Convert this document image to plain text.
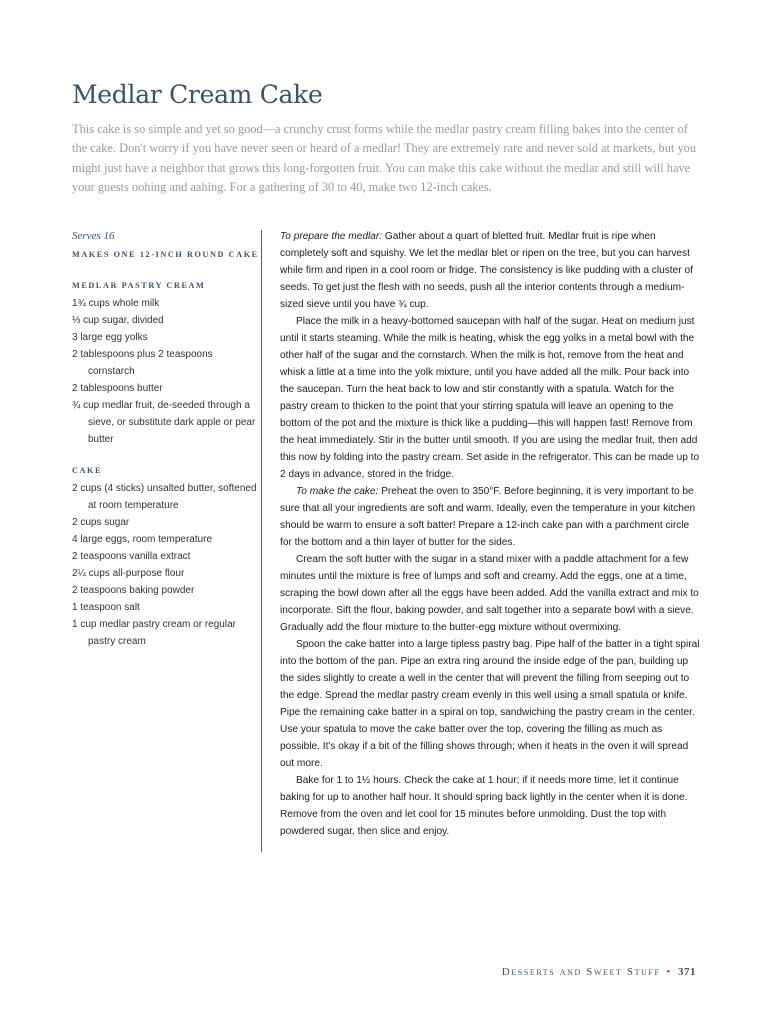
Medlar Cream Cake

This cake is so simple and yet so good—a crunchy crust forms while the medlar pastry cream filling bakes into the center of the cake. Don't worry if you have never seen or heard of a medlar! They are extremely rare and never sold at markets, but you might just have a neighbor that grows this long-forgotten fruit. You can make this cake without the medlar and still will have your guests oohing and aahing. For a gathering of 30 to 40, make two 12-inch cakes.

Serves 16

MAKES ONE 12-INCH ROUND CAKE

MEDLAR PASTRY CREAM

1¾ cups whole milk
⅓ cup sugar, divided
3 large egg yolks
2 tablespoons plus 2 teaspoons cornstarch
2 tablespoons butter
¾ cup medlar fruit, de-seeded through a sieve, or substitute dark apple or pear butter

CAKE

2 cups (4 sticks) unsalted butter, softened at room temperature
2 cups sugar
4 large eggs, room temperature
2 teaspoons vanilla extract
2¼ cups all-purpose flour
2 teaspoons baking powder
1 teaspoon salt
1 cup medlar pastry cream or regular pastry cream

To prepare the medlar: Gather about a quart of bletted fruit. Medlar fruit is ripe when completely soft and squishy. We let the medlar blet or ripen on the tree, but you can harvest while firm and ripen in a cool room or fridge. The consistency is like pudding with a cluster of seeds. To get just the flesh with no seeds, push all the interior contents through a medium-sized sieve until you have ¾ cup.

Place the milk in a heavy-bottomed saucepan with half of the sugar. Heat on medium just until it starts steaming. While the milk is heating, whisk the egg yolks in a metal bowl with the other half of the sugar and the cornstarch. When the milk is hot, remove from the heat and whisk a little at a time into the yolk mixture, until you have added all the milk. Pour back into the saucepan. Turn the heat back to low and stir constantly with a spatula. Watch for the pastry cream to thicken to the point that your stirring spatula will leave an opening to the bottom of the pot and the mixture is thick like a pudding—this will happen fast! Remove from the heat immediately. Stir in the butter until smooth. If you are using the medlar fruit, then add this now by folding into the pastry cream. Set aside in the refrigerator. This can be made up to 2 days in advance, stored in the fridge.

To make the cake: Preheat the oven to 350°F. Before beginning, it is very important to be sure that all your ingredients are soft and warm. Ideally, even the temperature in your kitchen should be warm to ensure a soft batter! Prepare a 12-inch cake pan with a parchment circle for the bottom and a thin layer of butter for the sides.

Cream the soft butter with the sugar in a stand mixer with a paddle attachment for a few minutes until the mixture is free of lumps and soft and creamy. Add the eggs, one at a time, scraping the bowl down after all the eggs have been added. Add the vanilla extract and mix to incorporate. Sift the flour, baking powder, and salt together into a separate bowl with a sieve. Gradually add the flour mixture to the butter-egg mixture without overmixing.

Spoon the cake batter into a large tipless pastry bag. Pipe half of the batter in a tight spiral into the bottom of the pan. Pipe an extra ring around the inside edge of the pan, building up the sides slightly to create a well in the center that will prevent the filling from seeping out to the edge. Spread the medlar pastry cream evenly in this well using a small spatula or knife. Pipe the remaining cake batter in a spiral on top, sandwiching the pastry cream in the center. Use your spatula to move the cake batter over the top, covering the filling as much as possible. It's okay if a bit of the filling shows through; when it heats in the oven it will spread out more.

Bake for 1 to 1½ hours. Check the cake at 1 hour; if it needs more time, let it continue baking for up to another half hour. It should spring back lightly in the center when it is done. Remove from the oven and let cool for 15 minutes before unmolding. Dust the top with powdered sugar, then slice and enjoy.

Desserts and Sweet Stuff • 371
